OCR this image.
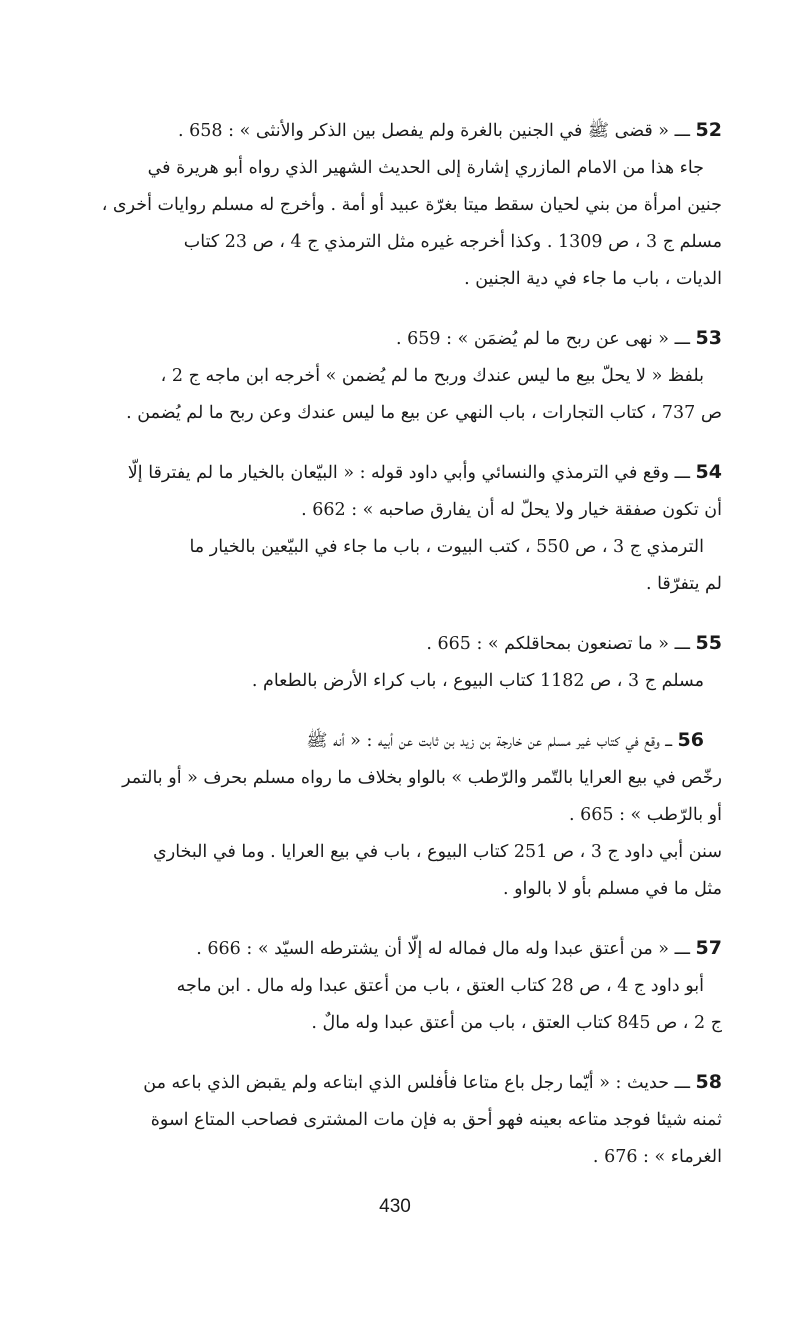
52 ـــ « قضى ﷺ في الجنين بالغرة ولم يفصل بين الذكر والأنثى » : 658 .
جاء هذا من الامام المازري إشارة إلى الحديث الشهير الذي رواه أبو هريرة في
جنين امرأة من بني لحيان سقط ميتا بغرّة عبيد أو أمة . وأخرج له مسلم روايات أخرى ،
مسلم ج 3 ، ص 1309 . وكذا أخرجه غيره مثل الترمذي ج 4 ، ص 23 كتاب
الديات ، باب ما جاء في دية الجنين .
53 ـــ « نهى عن ربح ما لم يُضمَن » : 659 .
بلفظ « لا يحلّ بيع ما ليس عندك وربح ما لم يُضمن » أخرجه ابن ماجه ج 2 ،
ص 737 ، كتاب التجارات ، باب النهي عن بيع ما ليس عندك وعن ربح ما لم يُضمن .
54 ـــ وقع في الترمذي والنسائي وأبي داود قوله : « البيّعان بالخيار ما لم يفترقا إلّا
أن تكون صفقة خيار ولا يحلّ له أن يفارق صاحبه » : 662 .
الترمذي ج 3 ، ص 550 ، كتب البيوت ، باب ما جاء في البيّعين بالخيار ما
لم يتفرّقا .
55 ـــ « ما تصنعون بمحاقلكم » : 665 .
مسلم ج 3 ، ص 1182 كتاب البيوع ، باب كراء الأرض بالطعام .
56 ـــ وقع في كتاب غير مسلم عن خارجة بن زيد بن ثابت عن أبيه : « أنه ﷺ
رخّص في بيع العرايا بالتّمر والرّطب » بالواو بخلاف ما رواه مسلم بحرف « أو بالتمر
أو بالرّطب » : 665 .
سنن أبي داود ج 3 ، ص 251 كتاب البيوع ، باب في بيع العرايا . وما في البخاري
مثل ما في مسلم بأو لا بالواو .
57 ـــ « من أعتق عبدا وله مال فماله له إلّا أن يشترطه السيّد » : 666 .
أبو داود ج 4 ، ص 28 كتاب العتق ، باب من أعتق عبدا وله مال . ابن ماجه
ج 2 ، ص 845 كتاب العتق ، باب من أعتق عبدا وله مالٌ .
58 ـــ حديث : « أيّما رجل باع متاعا فأفلس الذي ابتاعه ولم يقبض الذي باعه من
ثمنه شيئا فوجد متاعه بعينه فهو أحق به فإن مات المشترى فصاحب المتاع اسوة
الغرماء » : 676 .
430
